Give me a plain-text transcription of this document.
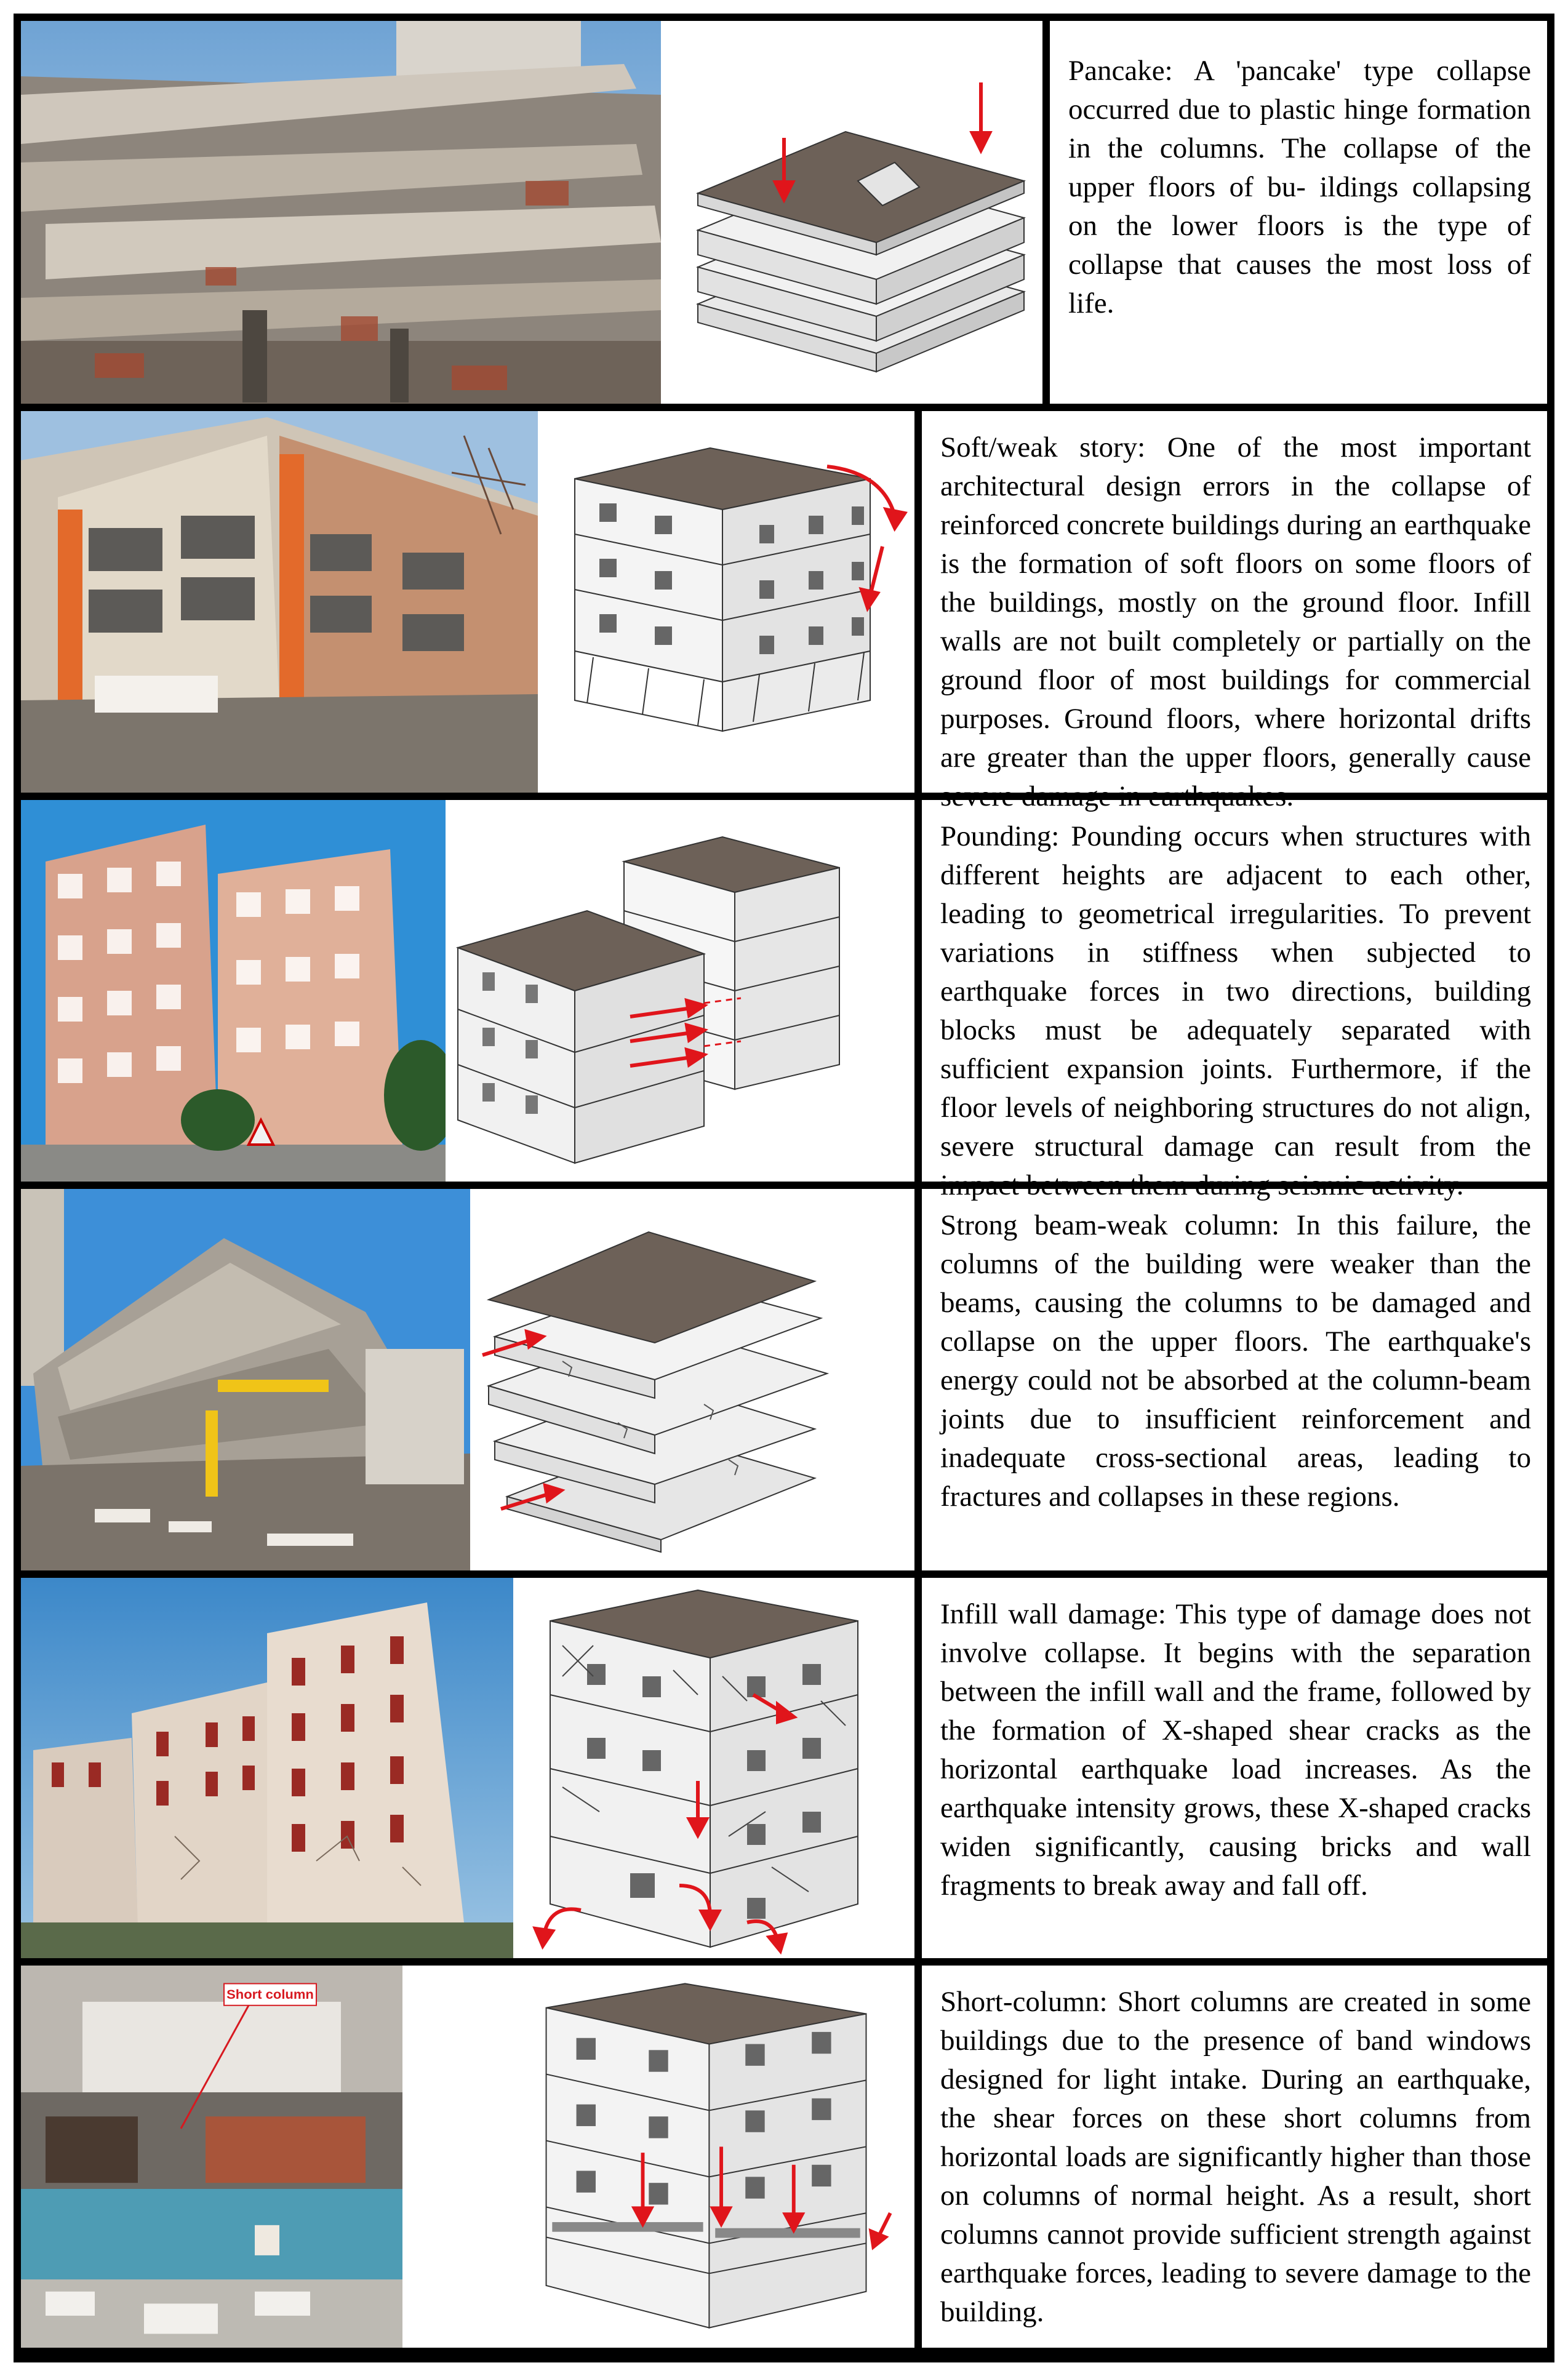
Pancake: A 'pancake' type collapse occurred due to plastic hinge formation in the columns. The collapse of the upper floors of bu- ildings collapsing on the lower floors is the type of collapse that causes the most loss of life.
Soft/weak story: One of the most important architectural design errors in the collapse of reinforced concrete buildings during an earthquake is the formation of soft floors on some floors of the buildings, mostly on the ground floor. Infill walls are not built completely or partially on the ground floor of most buildings for commercial purposes. Ground floors, where horizontal drifts are greater than the upper floors, generally cause severe damage in earthquakes.
Pounding: Pounding occurs when structures with different heights are adjacent to each other, leading to geometrical irregularities. To prevent variations in stiffness when subjected to earthquake forces in two directions, building blocks must be adequately separated with sufficient expansion joints. Furthermore, if the floor levels of neighboring structures do not align, severe structural damage can result from the impact between them during seismic activity.
Strong beam-weak column: In this failure, the columns of the building were weaker than the beams, causing the columns to be damaged and collapse on the upper floors. The earthquake's energy could not be absorbed at the column-beam joints due to insufficient reinforcement and inadequate cross-sectional areas, leading to fractures and collapses in these regions.
Infill wall damage: This type of damage does not involve collapse. It begins with the separation between the infill wall and the frame, followed by the formation of X-shaped shear cracks as the horizontal earthquake load increases. As the earthquake intensity grows, these X-shaped cracks widen significantly, causing bricks and wall fragments to break away and fall off.
Short column	Short-column: Short columns are created in some buildings due to the presence of band windows designed for light intake. During an earthquake, the shear forces on these short columns from horizontal loads are significantly higher than those on columns of normal height. As a result, short columns cannot provide sufficient strength against earthquake forces, leading to severe damage to the building.
